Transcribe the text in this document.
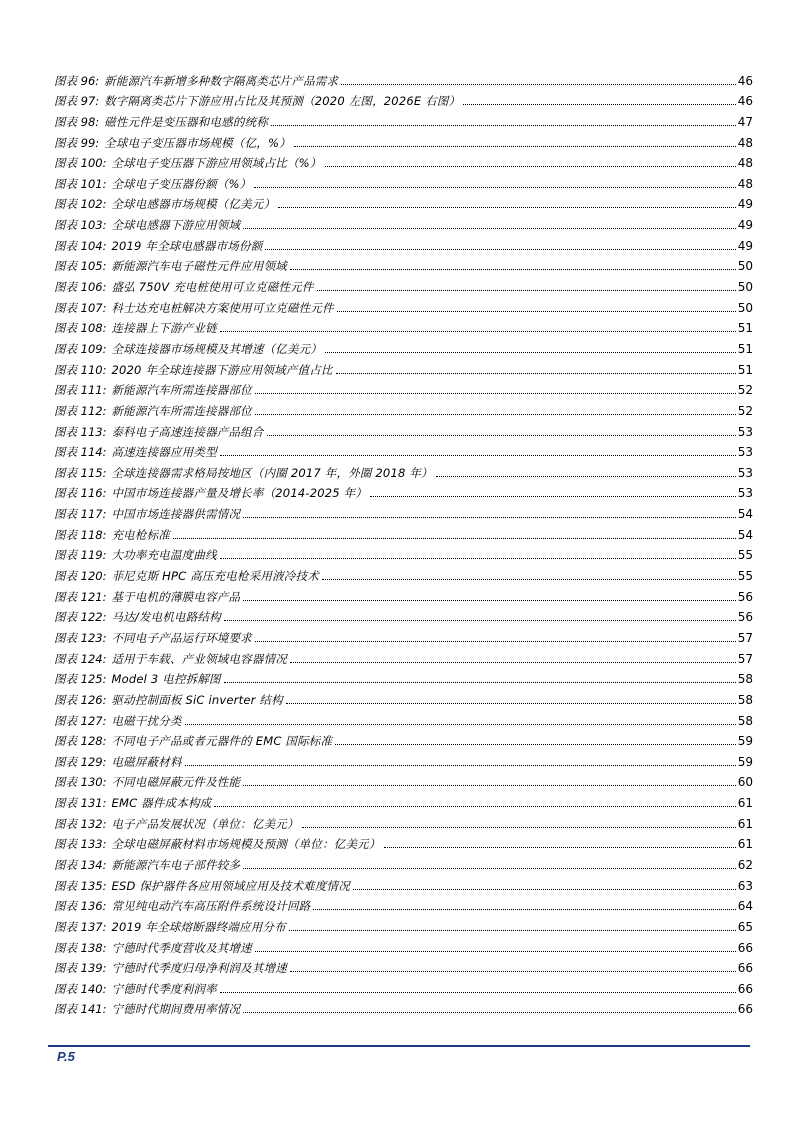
图表 96: 新能源汽车新增多种数字隔离类芯片产品需求	46
图表 97: 数字隔离类芯片下游应用占比及其预测（2020 左图，2026E 右图）	46
图表 98: 磁性元件是变压器和电感的统称	47
图表 99: 全球电子变压器市场规模（亿，%）	48
图表 100: 全球电子变压器下游应用领域占比（%）	48
图表 101: 全球电子变压器份额（%）	48
图表 102: 全球电感器市场规模（亿美元）	49
图表 103: 全球电感器下游应用领域	49
图表 104: 2019 年全球电感器市场份额	49
图表 105: 新能源汽车电子磁性元件应用领域	50
图表 106: 盛弘 750V 充电桩使用可立克磁性元件	50
图表 107: 科士达充电桩解决方案使用可立克磁性元件	50
图表 108: 连接器上下游产业链	51
图表 109: 全球连接器市场规模及其增速（亿美元）	51
图表 110: 2020 年全球连接器下游应用领域产值占比	51
图表 111: 新能源汽车所需连接器部位	52
图表 112: 新能源汽车所需连接器部位	52
图表 113: 泰科电子高速连接器产品组合	53
图表 114: 高速连接器应用类型	53
图表 115: 全球连接器需求格局按地区（内圈 2017 年，外圈 2018 年）	53
图表 116: 中国市场连接器产量及增长率（2014-2025 年）	53
图表 117: 中国市场连接器供需情况	54
图表 118: 充电枪标准	54
图表 119: 大功率充电温度曲线	55
图表 120: 菲尼克斯 HPC 高压充电枪采用液冷技术	55
图表 121: 基于电机的薄膜电容产品	56
图表 122: 马达/发电机电路结构	56
图表 123: 不同电子产品运行环境要求	57
图表 124: 适用于车载、产业领域电容器情况	57
图表 125: Model 3 电控拆解图	58
图表 126: 驱动控制面板 SiC inverter 结构	58
图表 127: 电磁干扰分类	58
图表 128: 不同电子产品或者元器件的 EMC 国际标准	59
图表 129: 电磁屏蔽材料	59
图表 130: 不同电磁屏蔽元件及性能	60
图表 131: EMC 器件成本构成	61
图表 132: 电子产品发展状况（单位：亿美元）	61
图表 133: 全球电磁屏蔽材料市场规模及预测（单位：亿美元）	61
图表 134: 新能源汽车电子部件较多	62
图表 135: ESD 保护器件各应用领域应用及技术难度情况	63
图表 136: 常见纯电动汽车高压附件系统设计回路	64
图表 137: 2019 年全球熔断器终端应用分布	65
图表 138: 宁德时代季度营收及其增速	66
图表 139: 宁德时代季度归母净利润及其增速	66
图表 140: 宁德时代季度利润率	66
图表 141: 宁德时代期间费用率情况	66
P.5
